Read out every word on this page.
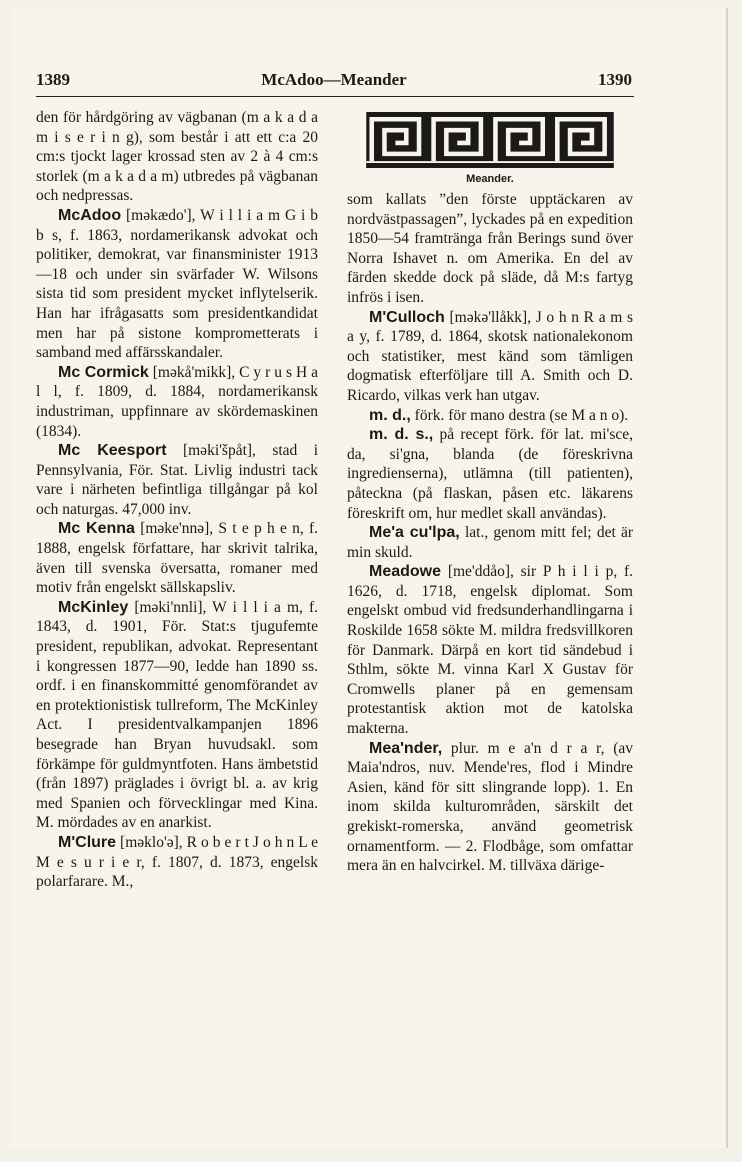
1389	McAdoo—Meander	1390

den för hårdgöring av vägbanan (m a k a d a m i s e r i n g), som består i att ett c:a 20 cm:s tjockt lager krossad sten av 2 à 4 cm:s storlek (m a k a d a m) utbredes på vägbanan och nedpressas.

McAdoo [məkædo'], W i l l i a m G i b b s, f. 1863, nordamerikansk advokat och politiker, demokrat, var finansminister 1913—18 och under sin svärfader W. Wilsons sista tid som president mycket inflytelserik. Han har ifrågasatts som presidentkandidat men har på sistone komprometterats i samband med affärsskandaler.

Mc Cormick [məkå'mikk], C y r u s H a l l, f. 1809, d. 1884, nordamerikansk industriman, uppfinnare av skördemaskinen (1834).

Mc Keesport [məki'špåt], stad i Pennsylvania, För. Stat. Livlig industri tack vare i närheten befintliga tillgångar på kol och naturgas. 47,000 inv.

Mc Kenna [məke'nnə], S t e p h e n, f. 1888, engelsk författare, har skrivit talrika, även till svenska översatta, romaner med motiv från engelskt sällskapsliv.

McKinley [məki'nnli], W i l l i a m, f. 1843, d. 1901, För. Stat:s tjugufemte president, republikan, advokat. Representant i kongressen 1877—90, ledde han 1890 ss. ordf. i en finanskommitté genomförandet av en protektionistisk tullreform, The McKinley Act. I presidentvalkampanjen 1896 besegrade han Bryan huvudsakl. som förkämpe för guldmyntfoten. Hans ämbetstid (från 1897) präglades i övrigt bl. a. av krig med Spanien och förvecklingar med Kina. M. mördades av en anarkist.

M'Clure [məklo'ə], R o b e r t J o h n L e M e s u r i e r, f. 1807, d. 1873, engelsk polarfarare. M.,

Meander.

som kallats ”den förste upptäckaren av nordvästpassagen”, lyckades på en expedition 1850—54 framtränga från Berings sund över Norra Ishavet n. om Amerika. En del av färden skedde dock på släde, då M:s fartyg infrös i isen.

M'Culloch [məkə'llåkk], J o h n R a m s a y, f. 1789, d. 1864, skotsk nationalekonom och statistiker, mest känd som tämligen dogmatisk efterföljare till A. Smith och D. Ricardo, vilkas verk han utgav.

m. d., förk. för mano destra (se M a n o).

m. d. s., på recept förk. för lat. mi'sce, da, si'gna, blanda (de föreskrivna ingredienserna), utlämna (till patienten), påteckna (på flaskan, påsen etc. läkarens föreskrift om, hur medlet skall användas).

Me'a cu'lpa, lat., genom mitt fel; det är min skuld.

Meadowe [me'ddåo], sir P h i l i p, f. 1626, d. 1718, engelsk diplomat. Som engelskt ombud vid fredsunderhandlingarna i Roskilde 1658 sökte M. mildra fredsvillkoren för Danmark. Därpå en kort tid sändebud i Sthlm, sökte M. vinna Karl X Gustav för Cromwells planer på en gemensam protestantisk aktion mot de katolska makterna.

Mea'nder, plur. m e a'n d r a r, (av Maia'ndros, nuv. Mende'res, flod i Mindre Asien, känd för sitt slingrande lopp). 1. En inom skilda kulturområden, särskilt det grekiskt-romerska, använd geometrisk ornamentform. — 2. Flodbåge, som omfattar mera än en halvcirkel. M. tillväxa därige-
